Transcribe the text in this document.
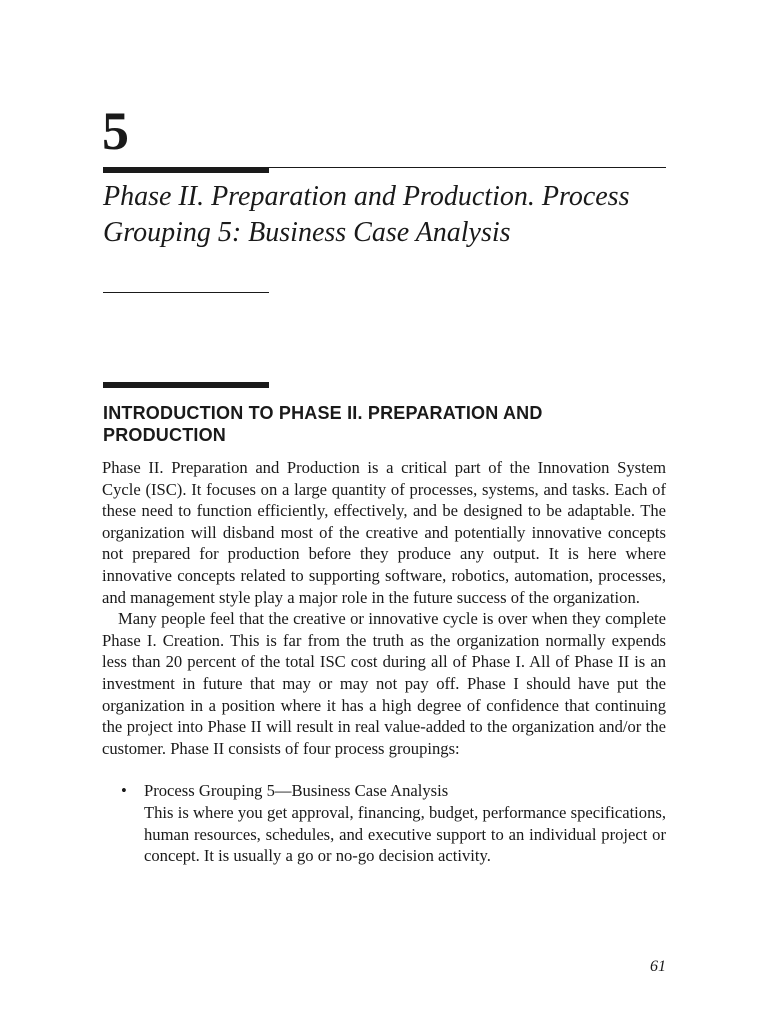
5
Phase II. Preparation and Production. Process Grouping 5: Business Case Analysis
INTRODUCTION TO PHASE II. PREPARATION AND PRODUCTION

Phase II. Preparation and Production is a critical part of the Innovation System Cycle (ISC). It focuses on a large quantity of processes, systems, and tasks. Each of these need to function efficiently, effectively, and be designed to be adaptable. The organization will disband most of the creative and potentially innovative concepts not prepared for production before they produce any output. It is here where innovative concepts related to supporting software, robotics, automation, processes, and management style play a major role in the future success of the organization.

Many people feel that the creative or innovative cycle is over when they complete Phase I. Creation. This is far from the truth as the organization normally expends less than 20 percent of the total ISC cost during all of Phase I. All of Phase II is an investment in future that may or may not pay off. Phase I should have put the organization in a position where it has a high degree of confidence that continuing the project into Phase II will result in real value-added to the organization and/or the customer. Phase II consists of four process groupings:

• Process Grouping 5—Business Case Analysis
This is where you get approval, financing, budget, performance specifications, human resources, schedules, and executive support to an individual project or concept. It is usually a go or no-go decision activity.

61
